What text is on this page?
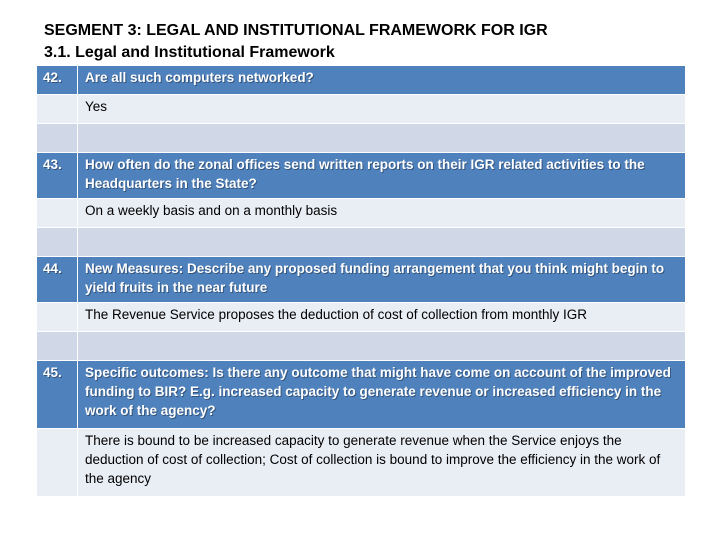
SEGMENT 3: LEGAL AND INSTITUTIONAL FRAMEWORK FOR IGR
3.1. Legal and Institutional Framework
42.	Are all such computers networked?
	Yes

43.	How often do the zonal offices send written reports on their IGR related activities to the Headquarters in the State?
	On a weekly basis and on a monthly basis

44.	New Measures: Describe any proposed funding arrangement that you think might begin to yield fruits in the near future
	The Revenue Service proposes the deduction of cost of collection from monthly IGR

45.	Specific outcomes: Is there any outcome that might have come on account of the improved funding to BIR? E.g. increased capacity to generate revenue or increased efficiency in the work of the agency?
	There is bound to be increased capacity to generate revenue when the Service enjoys the deduction of cost of collection; Cost of collection is bound to improve the efficiency in the work of the agency
